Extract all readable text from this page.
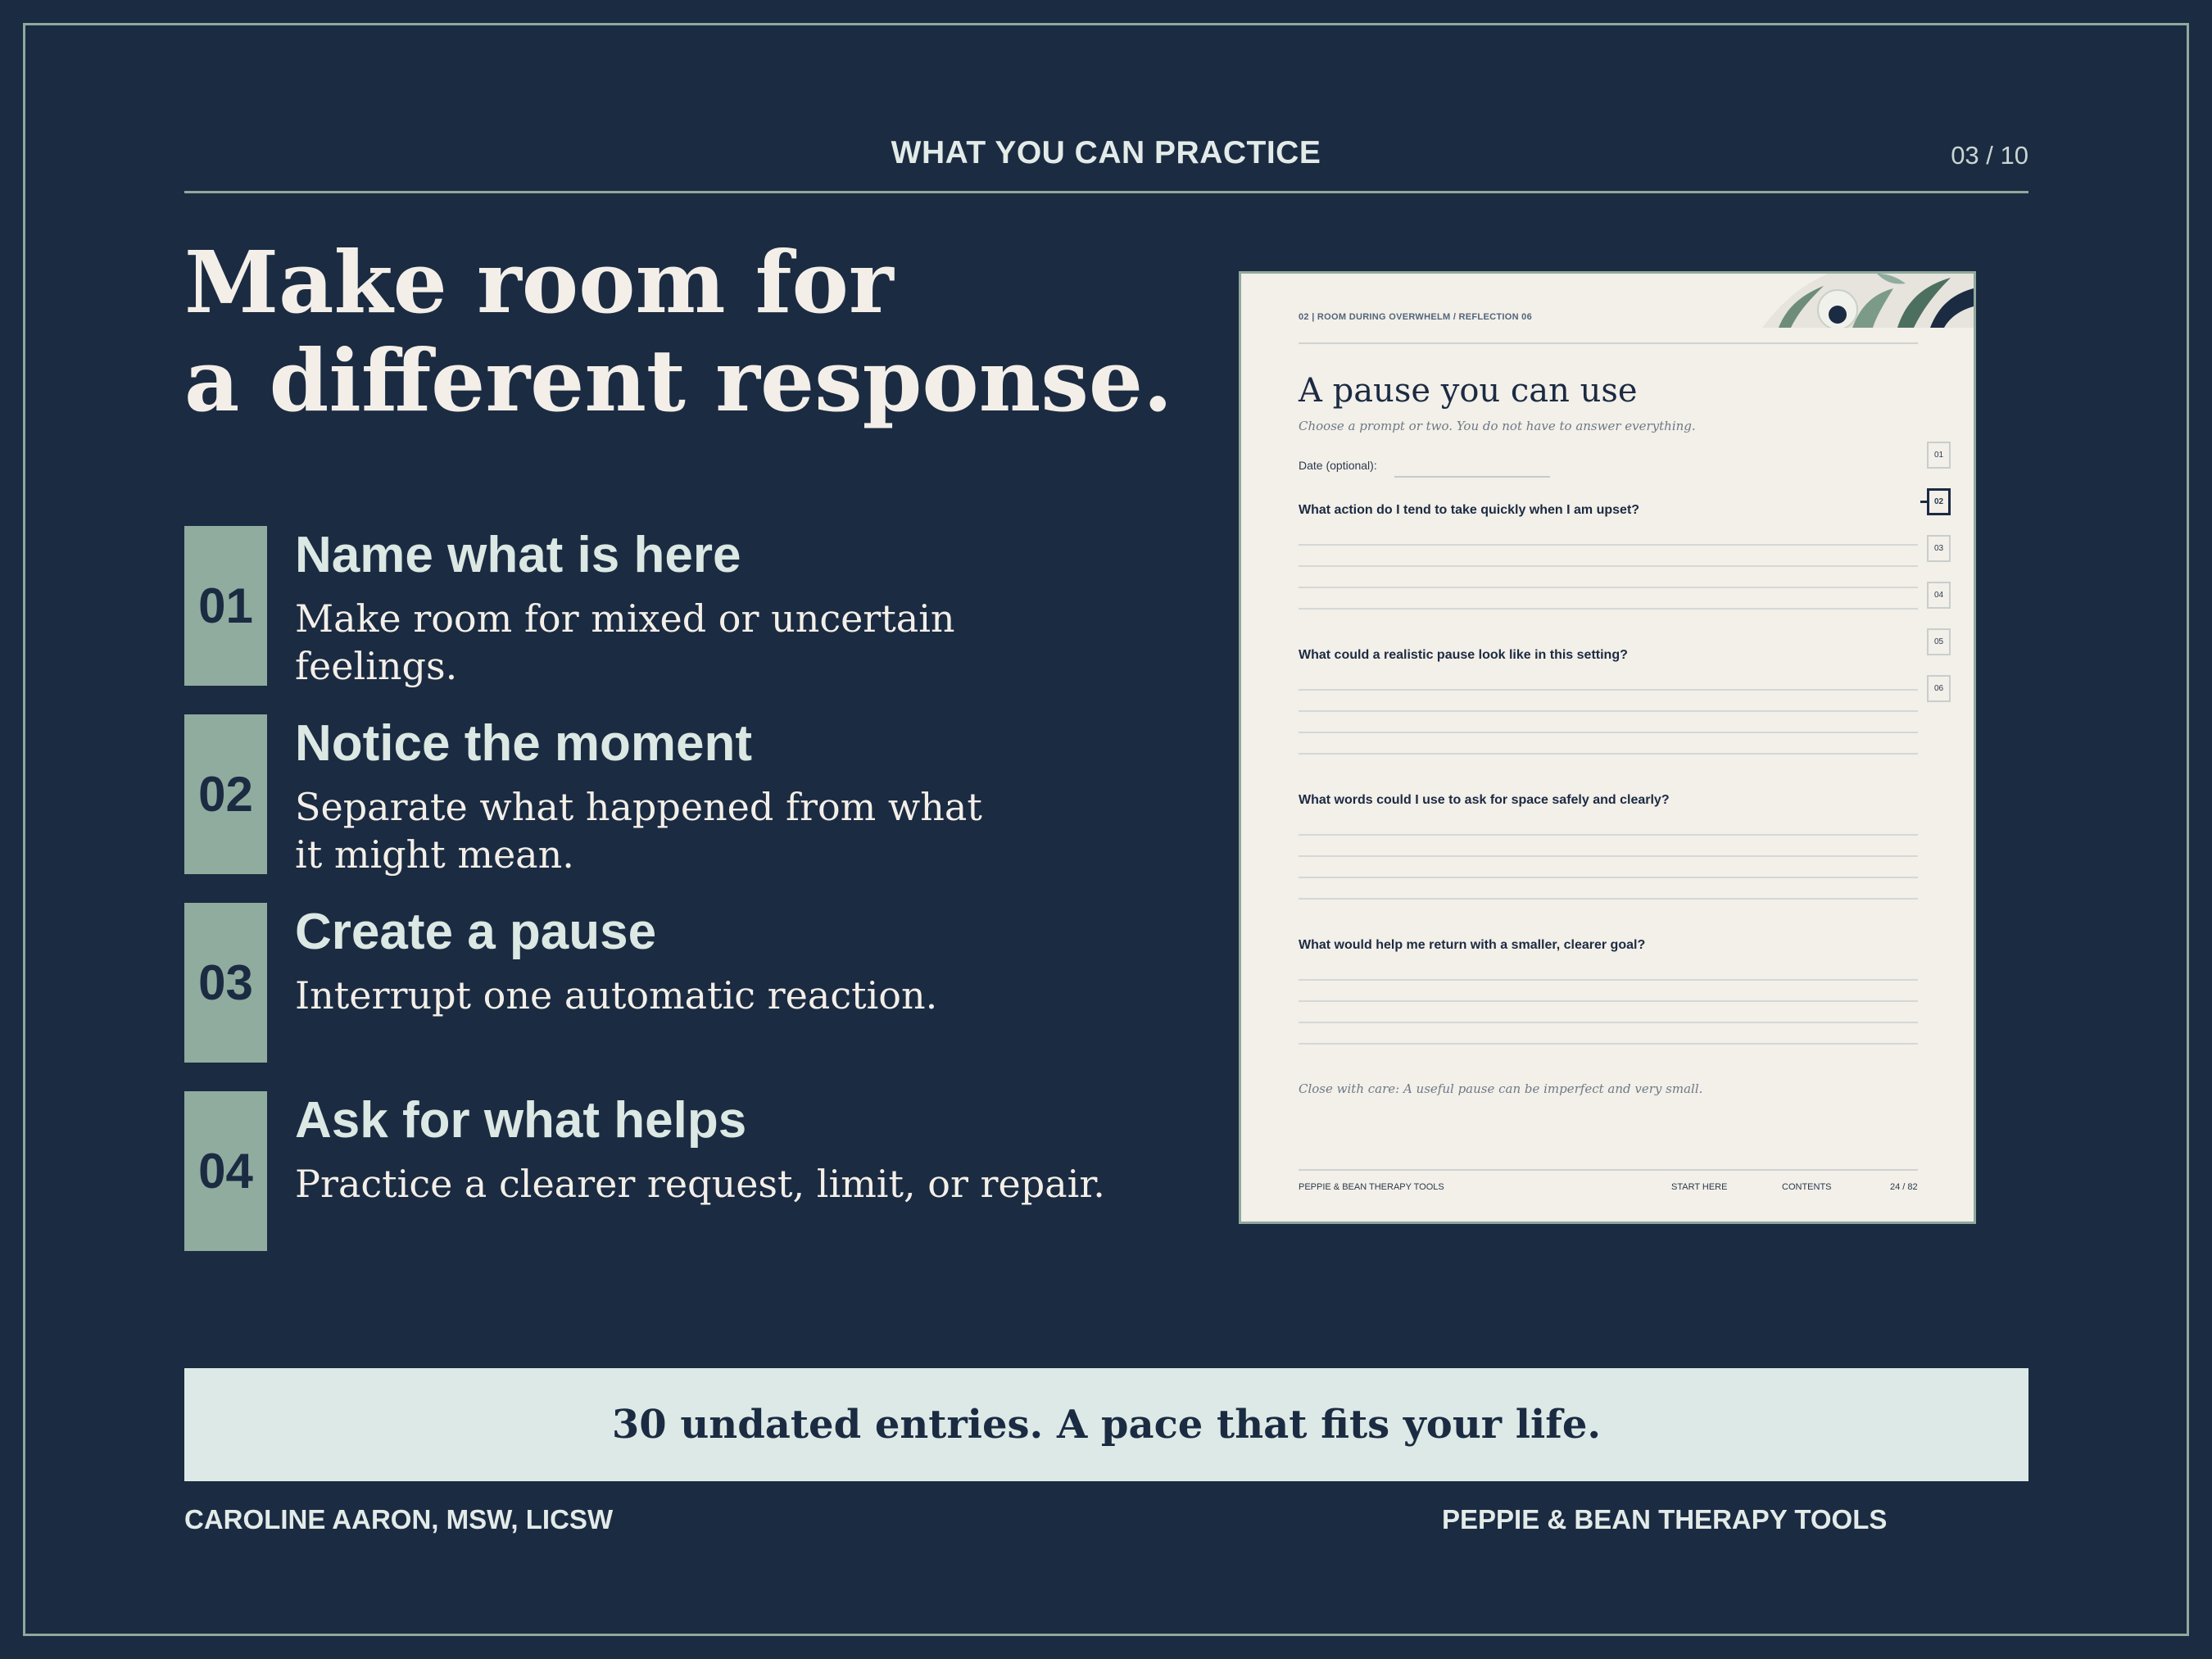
WHAT YOU CAN PRACTICE	03 / 10
Make room for
a different response.
01
Name what is here
Make room for mixed or uncertain feelings.
02
Notice the moment
Separate what happened from what it might mean.
03
Create a pause
Interrupt one automatic reaction.
04
Ask for what helps
Practice a clearer request, limit, or repair.
02 | ROOM DURING OVERWHELM / REFLECTION 06
A pause you can use
Choose a prompt or two. You do not have to answer everything.
Date (optional):
What action do I tend to take quickly when I am upset?
What could a realistic pause look like in this setting?
What words could I use to ask for space safely and clearly?
What would help me return with a smaller, clearer goal?
Close with care: A useful pause can be imperfect and very small.
01
02
03
04
05
06
PEPPIE & BEAN THERAPY TOOLS	START HERE	CONTENTS	24 / 82
30 undated entries. A pace that fits your life.
CAROLINE AARON, MSW, LICSW	PEPPIE & BEAN THERAPY TOOLS
